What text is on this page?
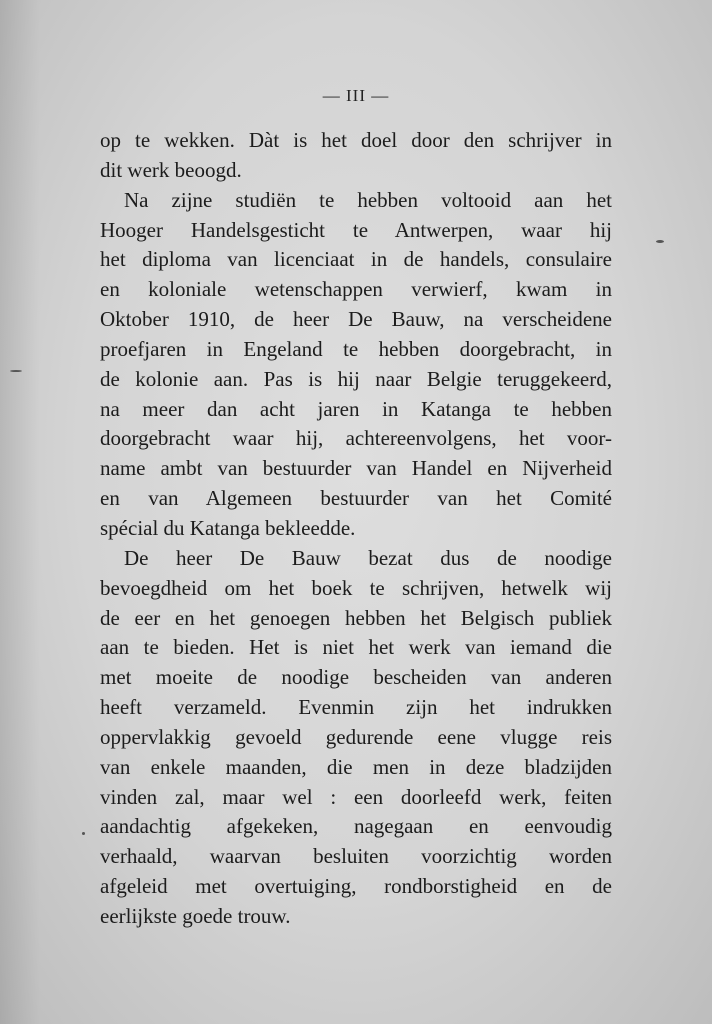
— III —
op te wekken. Dàt is het doel door den schrijver in
dit werk beoogd.
Na zijne studiën te hebben voltooid aan het
Hooger Handelsgesticht te Antwerpen, waar hij
het diploma van licenciaat in de handels, consulaire
en koloniale wetenschappen verwierf, kwam in
Oktober 1910, de heer De Bauw, na verscheidene
proefjaren in Engeland te hebben doorgebracht, in
de kolonie aan. Pas is hij naar Belgie teruggekeerd,
na meer dan acht jaren in Katanga te hebben
doorgebracht waar hij, achtereenvolgens, het voor-
name ambt van bestuurder van Handel en Nijverheid
en van Algemeen bestuurder van het Comité
spécial du Katanga bekleedde.
De heer De Bauw bezat dus de noodige
bevoegdheid om het boek te schrijven, hetwelk wij
de eer en het genoegen hebben het Belgisch publiek
aan te bieden. Het is niet het werk van iemand die
met moeite de noodige bescheiden van anderen
heeft verzameld. Evenmin zijn het indrukken
oppervlakkig gevoeld gedurende eene vlugge reis
van enkele maanden, die men in deze bladzijden
vinden zal, maar wel : een doorleefd werk, feiten
aandachtig afgekeken, nagegaan en eenvoudig
verhaald, waarvan besluiten voorzichtig worden
afgeleid met overtuiging, rondborstigheid en de
eerlijkste goede trouw.
